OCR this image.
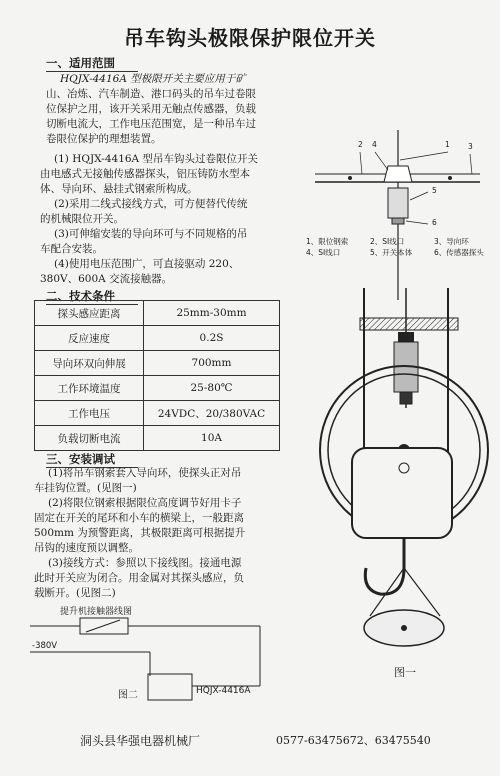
吊车钩头极限保护限位开关
一、适用范围
HQJX-4416A 型极限开关主要应用于矿
山、冶炼、汽车制造、港口码头的吊车过卷限
位保护之用，该开关采用无触点传感器，负载
切断电流大，工作电压范围宽，是一种吊车过
卷限位保护的理想装置。
(1) HQJX-4416A 型吊车钩头过卷限位开关
由电感式无接触传感器探头，铝压铸防水型本
体、导向环、悬挂式钢索所构成。
(2)采用二线式接线方式，可方便替代传统
的机械限位开关。
(3)可伸缩安装的导向环可与不同规格的吊
车配合安装。
(4)使用电压范围广，可直接驱动 220、
380V、600A 交流接触器。
二、技术条件
探头感应距离	25mm-30mm
反应速度	0.2S
导向环双向伸展	700mm
工作环境温度	25-80℃
工作电压	24VDC、20/380VAC
负载切断电流	10A
三、安装调试
(1)将吊车钢索套入导向环，使探头正对吊
车挂钩位置。(见图一)
(2)将限位钢索根据限位高度调节好用卡子
固定在开关的尾环和小车的横梁上，一般距离
500mm 为预警距离，其极限距离可根据提升
吊钩的速度预以调整。
(3)接线方式：参照以下接线图。接通电源
此时开关应为闭合。用金属对其探头感应，负
载断开。(见图二)
2 4	1 3
5
6
1、限位钢索	2、SI线口	3、导向环
4、SI线口	5、开关本体	6、传感器探头
图一
提升机接触器线图
-380V
图二	HQJX-4416A
洞头县华强电器机械厂	0577-63475672、63475540
